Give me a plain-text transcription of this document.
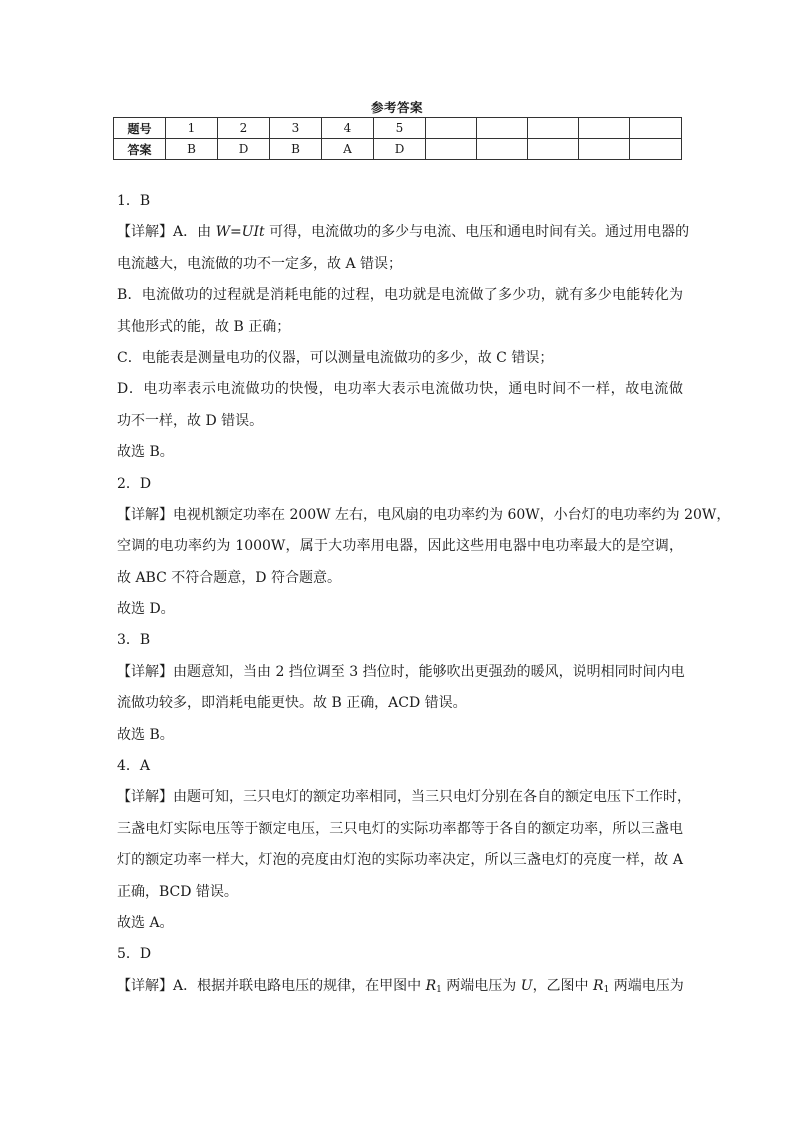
参考答案
题号	1	2	3	4	5					
答案	B	D	B	A	D					
1．B
【详解】A．由 W=UIt 可得，电流做功的多少与电流、电压和通电时间有关。通过用电器的
电流越大，电流做的功不一定多，故 A 错误；
B．电流做功的过程就是消耗电能的过程，电功就是电流做了多少功，就有多少电能转化为
其他形式的能，故 B 正确；
C．电能表是测量电功的仪器，可以测量电流做功的多少，故 C 错误；
D．电功率表示电流做功的快慢，电功率大表示电流做功快，通电时间不一样，故电流做
功不一样，故 D 错误。
故选 B。
2．D
【详解】电视机额定功率在 200W 左右，电风扇的电功率约为 60W，小台灯的电功率约为 20W，
空调的电功率约为 1000W，属于大功率用电器，因此这些用电器中电功率最大的是空调，
故 ABC 不符合题意，D 符合题意。
故选 D。
3．B
【详解】由题意知，当由 2 挡位调至 3 挡位时，能够吹出更强劲的暖风，说明相同时间内电
流做功较多，即消耗电能更快。故 B 正确，ACD 错误。
故选 B。
4．A
【详解】由题可知，三只电灯的额定功率相同，当三只电灯分别在各自的额定电压下工作时，
三盏电灯实际电压等于额定电压，三只电灯的实际功率都等于各自的额定功率，所以三盏电
灯的额定功率一样大，灯泡的亮度由灯泡的实际功率决定，所以三盏电灯的亮度一样，故 A
正确，BCD 错误。
故选 A。
5．D
【详解】A．根据并联电路电压的规律，在甲图中 $R_1$ 两端电压为 U，乙图中 $R_1$ 两端电压为
